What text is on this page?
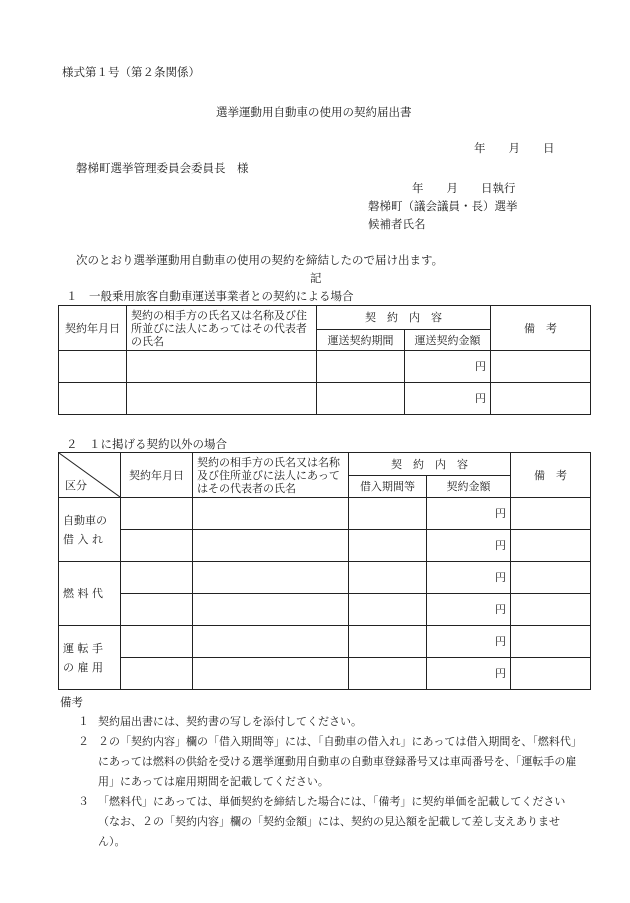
様式第１号（第２条関係）
選挙運動用自動車の使用の契約届出書
年　　月　　日
磐梯町選挙管理委員会委員長　様
年　　月　　日執行
磐梯町（議会議員・長）選挙
候補者氏名
次のとおり選挙運動用自動車の使用の契約を締結したので届け出ます。
記
１　一般乗用旅客自動車運送事業者との契約による場合
契約年月日	契約の相手方の氏名又は名称及び住所並びに法人にあってはその代表者の氏名	契　約　内　容		備　考
		運送契約期間	運送契約金額	
			円	
			円	
２　１に掲げる契約以外の場合
区分	契約年月日	契約の相手方の氏名又は名称及び住所並びに法人にあってはその代表者の氏名	契　約　内　容		備　考
			借入期間等	契約金額	
自動車の
借 入 れ				円	
				円	
燃 料 代				円	
				円	
運 転 手
の 雇 用				円	
				円	
備考
１ 契約届出書には、契約書の写しを添付してください。
２ ２の「契約内容」欄の「借入期間等」には、「自動車の借入れ」にあっては借入期間を、「燃料代」にあっては燃料の供給を受ける選挙運動用自動車の自動車登録番号又は車両番号を、「運転手の雇用」にあっては雇用期間を記載してください。
３ 「燃料代」にあっては、単価契約を締結した場合には、「備考」に契約単価を記載してください（なお、２の「契約内容」欄の「契約金額」には、契約の見込額を記載して差し支えありません）。
